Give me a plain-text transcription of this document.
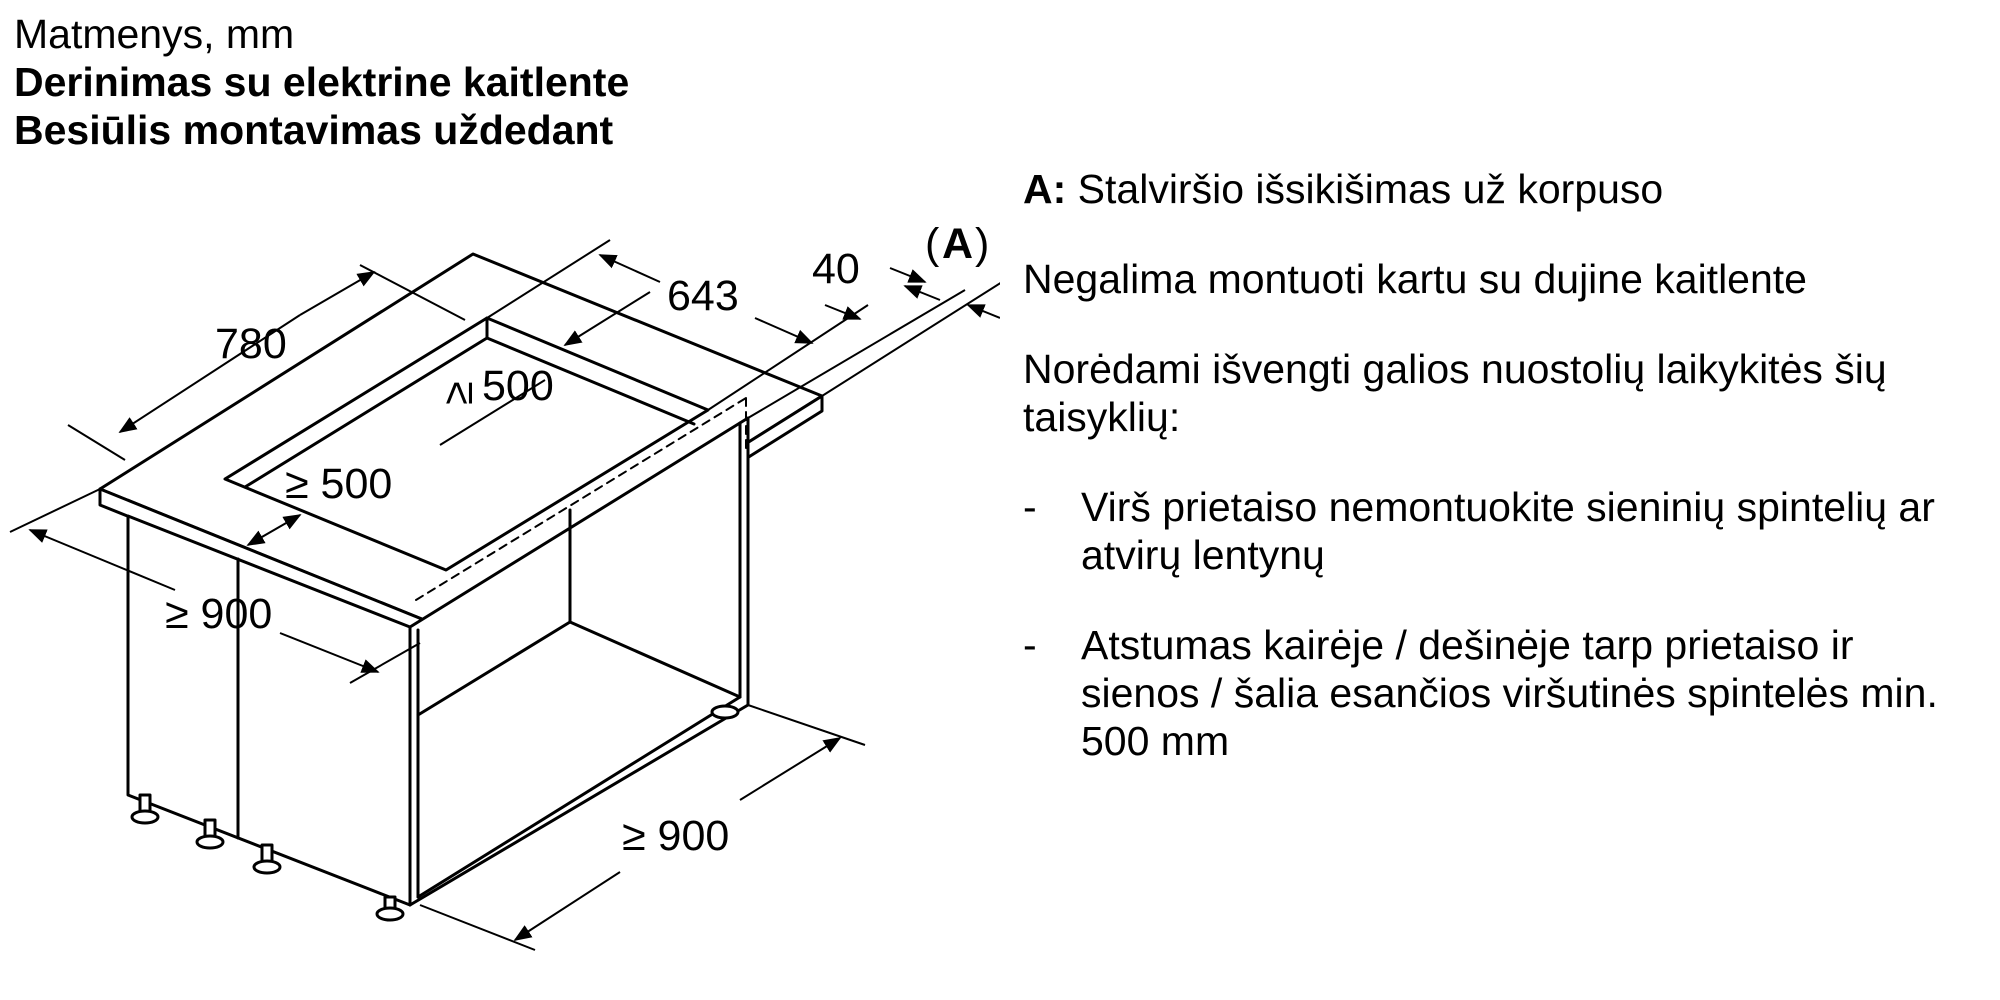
Matmenys, mm
Derinimas su elektrine kaitlente
Besiūlis montavimas uždedant
780
643
40
( A )
≥ 500
≥ 500
≥ 900
≥ 900

A: Stalviršio išsikišimas už korpuso

Negalima montuoti kartu su dujine kaitlente

Norėdami išvengti galios nuostolių laikykitės šių taisyklių:

-	Virš prietaiso nemontuokite sieninių spintelių ar atvirų lentynų
-	Atstumas kairėje / dešinėje tarp prietaiso ir sienos / šalia esančios viršutinės spintelės min. 500 mm
